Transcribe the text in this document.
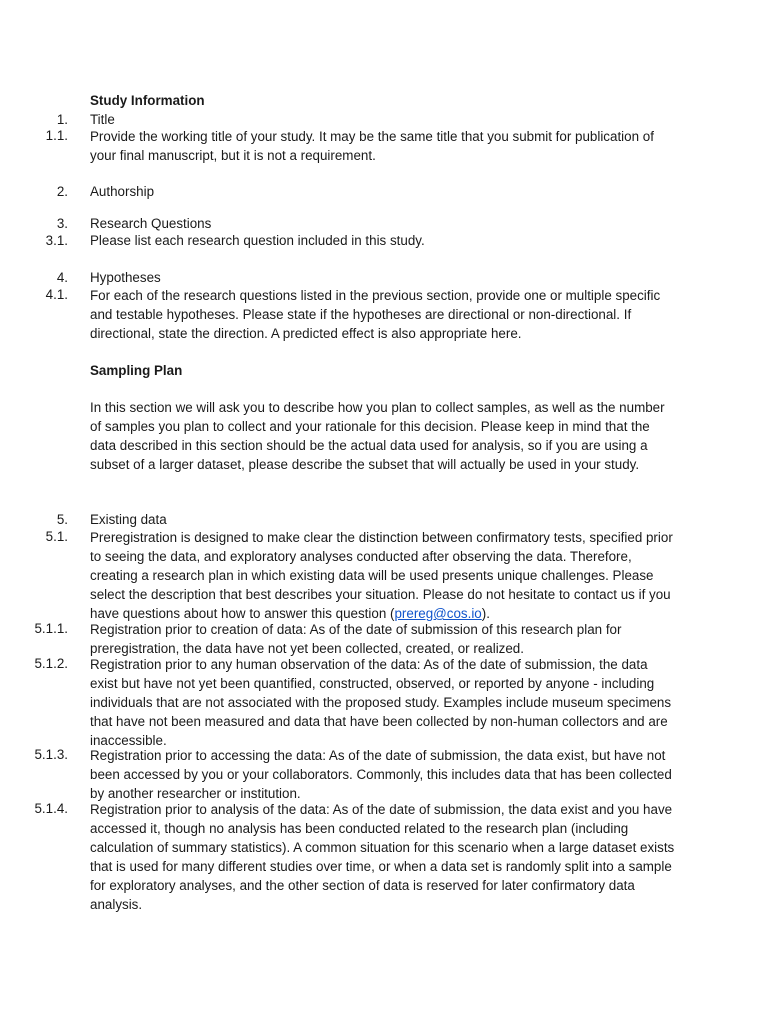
Study Information
1. Title
1.1. Provide the working title of your study. It may be the same title that you submit for publication of your final manuscript, but it is not a requirement.
2. Authorship
3. Research Questions
3.1. Please list each research question included in this study.
4. Hypotheses
4.1. For each of the research questions listed in the previous section, provide one or multiple specific and testable hypotheses. Please state if the hypotheses are directional or non-directional. If directional, state the direction. A predicted effect is also appropriate here.
Sampling Plan
In this section we will ask you to describe how you plan to collect samples, as well as the number of samples you plan to collect and your rationale for this decision. Please keep in mind that the data described in this section should be the actual data used for analysis, so if you are using a subset of a larger dataset, please describe the subset that will actually be used in your study.
5. Existing data
5.1. Preregistration is designed to make clear the distinction between confirmatory tests, specified prior to seeing the data, and exploratory analyses conducted after observing the data. Therefore, creating a research plan in which existing data will be used presents unique challenges. Please select the description that best describes your situation. Please do not hesitate to contact us if you have questions about how to answer this question (prereg@cos.io).
5.1.1. Registration prior to creation of data: As of the date of submission of this research plan for preregistration, the data have not yet been collected, created, or realized.
5.1.2. Registration prior to any human observation of the data: As of the date of submission, the data exist but have not yet been quantified, constructed, observed, or reported by anyone - including individuals that are not associated with the proposed study. Examples include museum specimens that have not been measured and data that have been collected by non-human collectors and are inaccessible.
5.1.3. Registration prior to accessing the data: As of the date of submission, the data exist, but have not been accessed by you or your collaborators. Commonly, this includes data that has been collected by another researcher or institution.
5.1.4. Registration prior to analysis of the data: As of the date of submission, the data exist and you have accessed it, though no analysis has been conducted related to the research plan (including calculation of summary statistics). A common situation for this scenario when a large dataset exists that is used for many different studies over time, or when a data set is randomly split into a sample for exploratory analyses, and the other section of data is reserved for later confirmatory data analysis.
